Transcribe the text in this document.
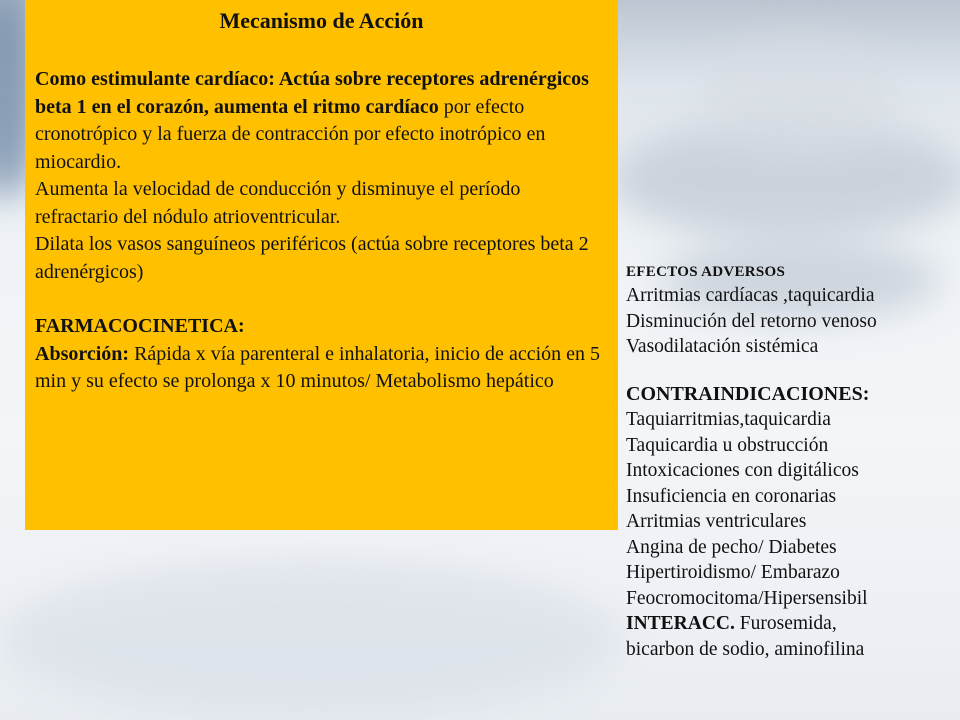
Mecanismo de Acción

Como estimulante cardíaco: Actúa sobre receptores adrenérgicos beta 1 en el corazón, aumenta el ritmo cardíaco por efecto cronotrópico y la fuerza de contracción por efecto inotrópico en miocardio.

Aumenta la velocidad de conducción y disminuye el período refractario del nódulo atrioventricular.

Dilata los vasos sanguíneos periféricos (actúa sobre receptores beta 2 adrenérgicos)

FARMACOCINETICA:

Absorción: Rápida x vía parenteral e inhalatoria, inicio de acción en 5 min y su efecto se prolonga x 10 minutos/ Metabolismo hepático

EFECTOS ADVERSOS
Arritmias cardíacas ,taquicardia
Disminución del retorno venoso
Vasodilatación sistémica
CONTRAINDICACIONES:
Taquiarritmias,taquicardia
Taquicardia u obstrucción
Intoxicaciones con digitálicos
Insuficiencia en coronarias
Arritmias ventriculares
Angina de pecho/ Diabetes
Hipertiroidismo/ Embarazo
Feocromocitoma/Hipersensibil
INTERACC. Furosemida,
bicarbon de sodio, aminofilina
